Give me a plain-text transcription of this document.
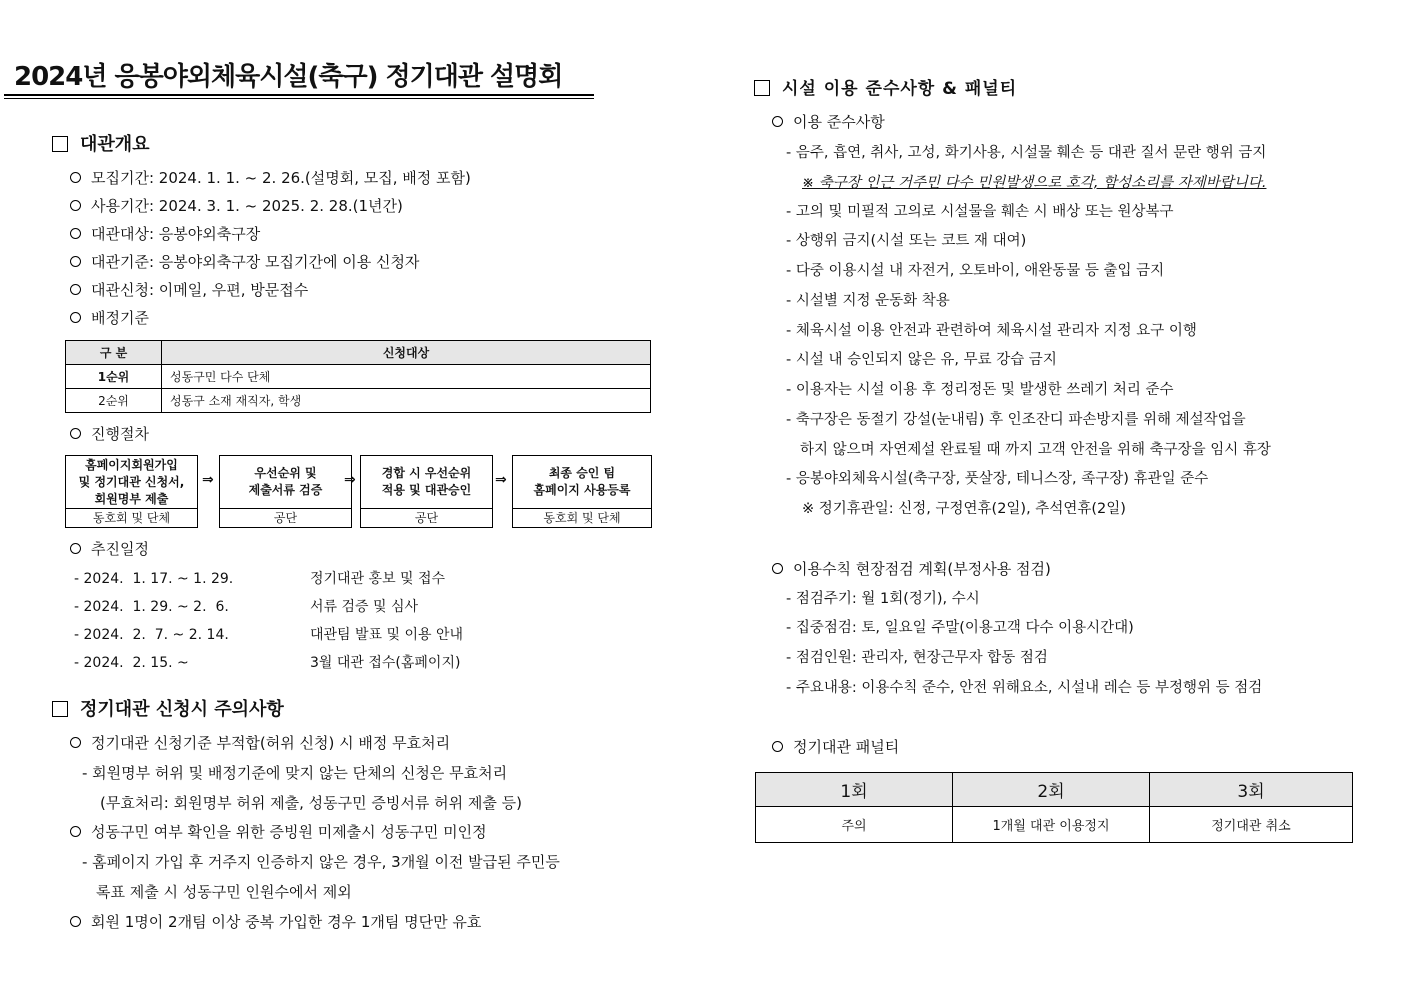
2024년 응봉야외체육시설(축구) 정기대관 설명회
대관개요
모집기간: 2024. 1. 1. ~ 2. 26.(설명회, 모집, 배정 포함)
사용기간: 2024. 3. 1. ~ 2025. 2. 28.(1년간)
대관대상: 응봉야외축구장
대관기준: 응봉야외축구장 모집기간에 이용 신청자
대관신청: 이메일, 우편, 방문접수
배정기준
구 분	신청대상
1순위	성동구민 다수 단체
2순위	성동구 소재 재직자, 학생
진행절차
홈페이지회원가입
및 정기대관 신청서,
회원명부 제출
동호회 및 단체
⇒	우선순위 및
제출서류 검증
공단
⇒ 경합 시 우선순위
적용 및 대관승인
공단
⇒	최종 승인 팀
홈페이지 사용등록
동호회 및 단체
추진일정
- 2024.  1. 17. ~ 1. 29.	정기대관 홍보 및 접수
- 2024.  1. 29. ~ 2.  6.	서류 검증 및 심사
- 2024.  2.  7. ~ 2. 14.	대관팀 발표 및 이용 안내
- 2024.  2. 15. ~	3월 대관 접수(홈페이지)
정기대관 신청시 주의사항
정기대관 신청기준 부적합(허위 신청) 시 배정 무효처리
- 회원명부 허위 및 배정기준에 맞지 않는 단체의 신청은 무효처리
(무효처리: 회원명부 허위 제출, 성동구민 증빙서류 허위 제출 등)
성동구민 여부 확인을 위한 증빙원 미제출시 성동구민 미인정
- 홈페이지 가입 후 거주지 인증하지 않은 경우, 3개월 이전 발급된 주민등
록표 제출 시 성동구민 인원수에서 제외
회원 1명이 2개팀 이상 중복 가입한 경우 1개팀 명단만 유효
시설 이용 준수사항 & 패널티
이용 준수사항
- 음주, 흡연, 취사, 고성, 화기사용, 시설물 훼손 등 대관 질서 문란 행위 금지
※ 축구장 인근 거주민 다수 민원발생으로 호각, 함성소리를 자제바랍니다.
- 고의 및 미필적 고의로 시설물을 훼손 시 배상 또는 원상복구
- 상행위 금지(시설 또는 코트 재 대여)
- 다중 이용시설 내 자전거, 오토바이, 애완동물 등 출입 금지
- 시설별 지정 운동화 착용
- 체육시설 이용 안전과 관련하여 체육시설 관리자 지정 요구 이행
- 시설 내 승인되지 않은 유, 무료 강습 금지
- 이용자는 시설 이용 후 정리정돈 및 발생한 쓰레기 처리 준수
- 축구장은 동절기 강설(눈내림) 후 인조잔디 파손방지를 위해 제설작업을
하지 않으며 자연제설 완료될 때 까지 고객 안전을 위해 축구장을 임시 휴장
- 응봉야외체육시설(축구장, 풋살장, 테니스장, 족구장) 휴관일 준수
※ 정기휴관일: 신정, 구정연휴(2일), 추석연휴(2일)
이용수칙 현장점검 계획(부정사용 점검)
- 점검주기: 월 1회(정기), 수시
- 집중점검: 토, 일요일 주말(이용고객 다수 이용시간대)
- 점검인원: 관리자, 현장근무자 합동 점검
- 주요내용: 이용수칙 준수, 안전 위해요소, 시설내 레슨 등 부정행위 등 점검
정기대관 패널티
1회	2회	3회
주의	1개월 대관 이용정지	정기대관 취소
